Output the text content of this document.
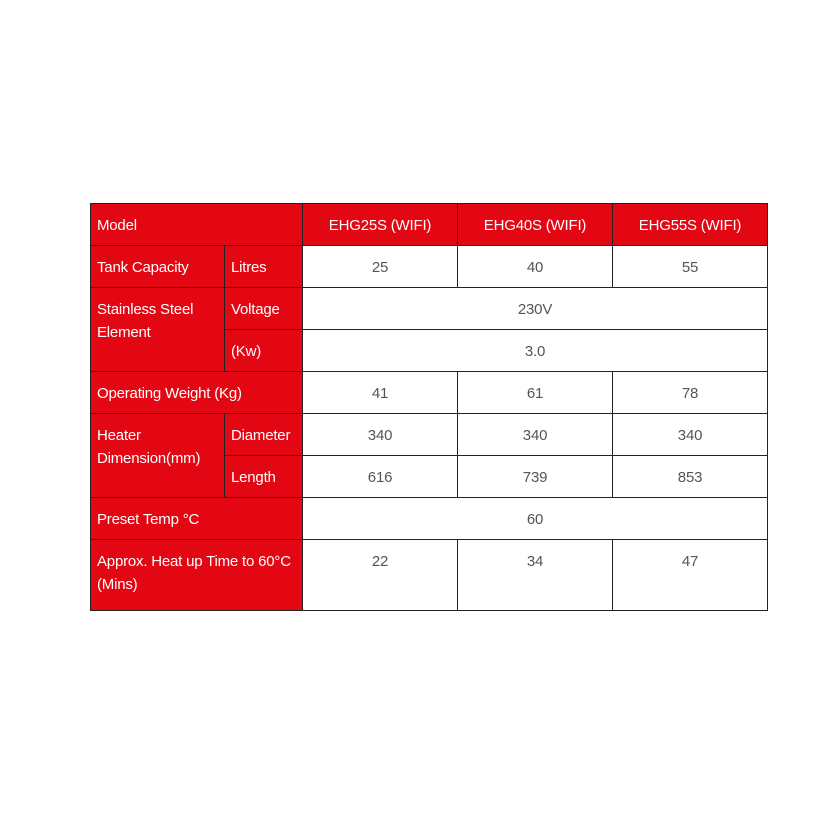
Model		EHG25S (WIFI)	EHG40S (WIFI)	EHG55S (WIFI)
Tank Capacity	Litres	25	40	55
Stainless Steel Element	Voltage	230V		
	(Kw)	3.0		
Operating Weight (Kg)		41	61	78
Heater Dimension(mm)	Diameter	340	340	340
	Length	616	739	853
Preset Temp °C		60		
Approx. Heat up Time to 60°C (Mins)		22	34	47
